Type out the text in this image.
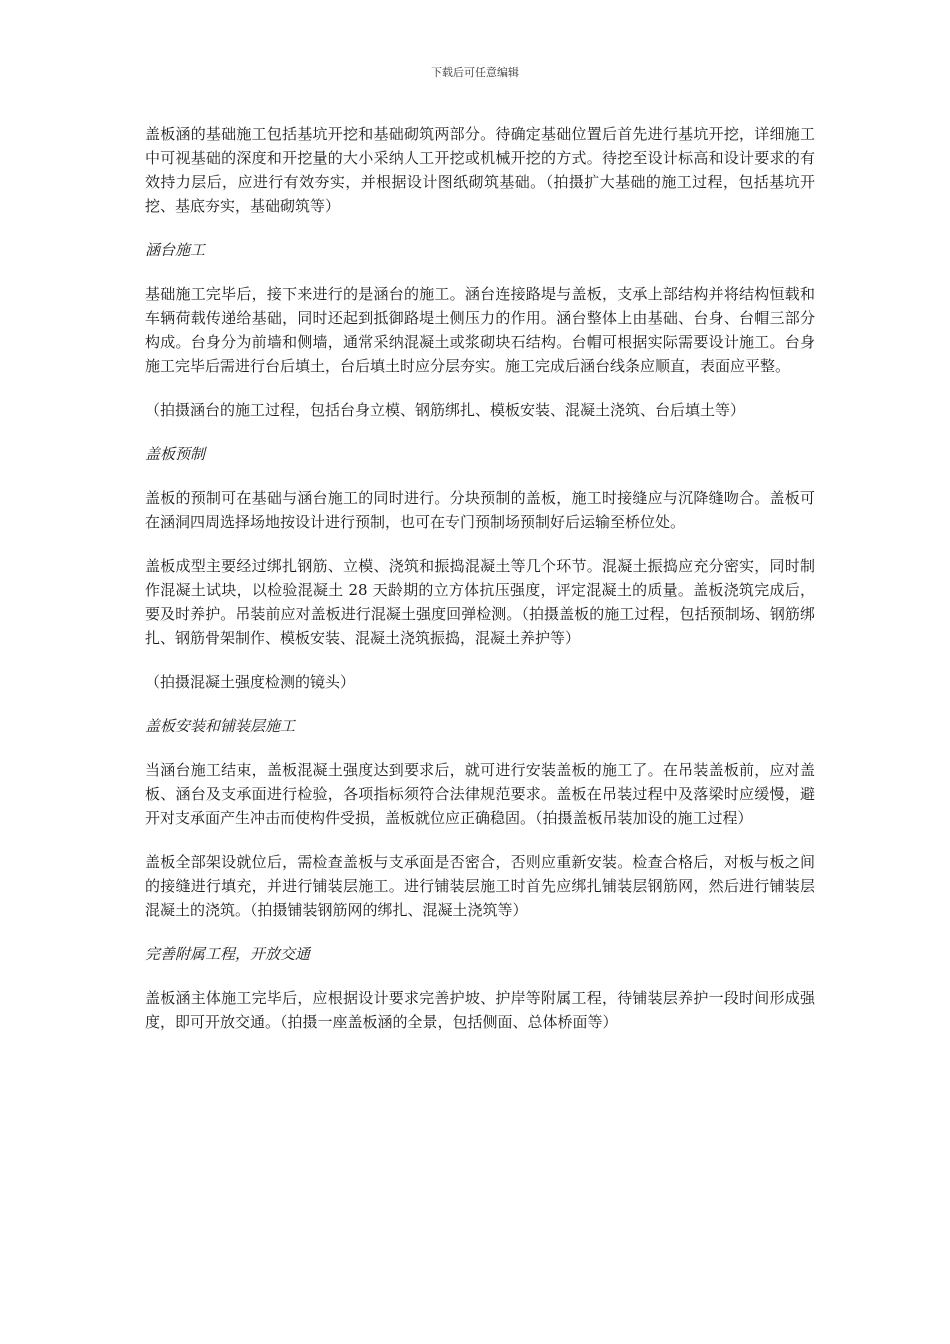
下载后可任意编辑

盖板涵的基础施工包括基坑开挖和基础砌筑两部分。待确定基础位置后首先进行基坑开挖，详细施工中可视基础的深度和开挖量的大小采纳人工开挖或机械开挖的方式。待挖至设计标高和设计要求的有效持力层后，应进行有效夯实，并根据设计图纸砌筑基础。（拍摄扩大基础的施工过程，包括基坑开挖、基底夯实，基础砌筑等）

涵台施工

基础施工完毕后，接下来进行的是涵台的施工。涵台连接路堤与盖板，支承上部结构并将结构恒载和车辆荷载传递给基础，同时还起到抵御路堤土侧压力的作用。涵台整体上由基础、台身、台帽三部分构成。台身分为前墙和侧墙，通常采纳混凝土或浆砌块石结构。台帽可根据实际需要设计施工。台身施工完毕后需进行台后填土，台后填土时应分层夯实。施工完成后涵台线条应顺直，表面应平整。

（拍摄涵台的施工过程，包括台身立模、钢筋绑扎、模板安装、混凝土浇筑、台后填土等）

盖板预制

盖板的预制可在基础与涵台施工的同时进行。分块预制的盖板，施工时接缝应与沉降缝吻合。盖板可在涵洞四周选择场地按设计进行预制，也可在专门预制场预制好后运输至桥位处。

盖板成型主要经过绑扎钢筋、立模、浇筑和振捣混凝土等几个环节。混凝土振捣应充分密实，同时制作混凝土试块，以检验混凝土 28 天龄期的立方体抗压强度，评定混凝土的质量。盖板浇筑完成后，要及时养护。吊装前应对盖板进行混凝土强度回弹检测。（拍摄盖板的施工过程，包括预制场、钢筋绑扎、钢筋骨架制作、模板安装、混凝土浇筑振捣，混凝土养护等）

（拍摄混凝土强度检测的镜头）

盖板安装和铺装层施工

当涵台施工结束，盖板混凝土强度达到要求后，就可进行安装盖板的施工了。在吊装盖板前，应对盖板、涵台及支承面进行检验，各项指标须符合法律规范要求。盖板在吊装过程中及落梁时应缓慢，避开对支承面产生冲击而使构件受损，盖板就位应正确稳固。（拍摄盖板吊装加设的施工过程）

盖板全部架设就位后，需检查盖板与支承面是否密合，否则应重新安装。检查合格后，对板与板之间的接缝进行填充，并进行铺装层施工。进行铺装层施工时首先应绑扎铺装层钢筋网，然后进行铺装层混凝土的浇筑。（拍摄铺装钢筋网的绑扎、混凝土浇筑等）

完善附属工程，开放交通

盖板涵主体施工完毕后，应根据设计要求完善护坡、护岸等附属工程，待铺装层养护一段时间形成强度，即可开放交通。（拍摄一座盖板涵的全景，包括侧面、总体桥面等）
